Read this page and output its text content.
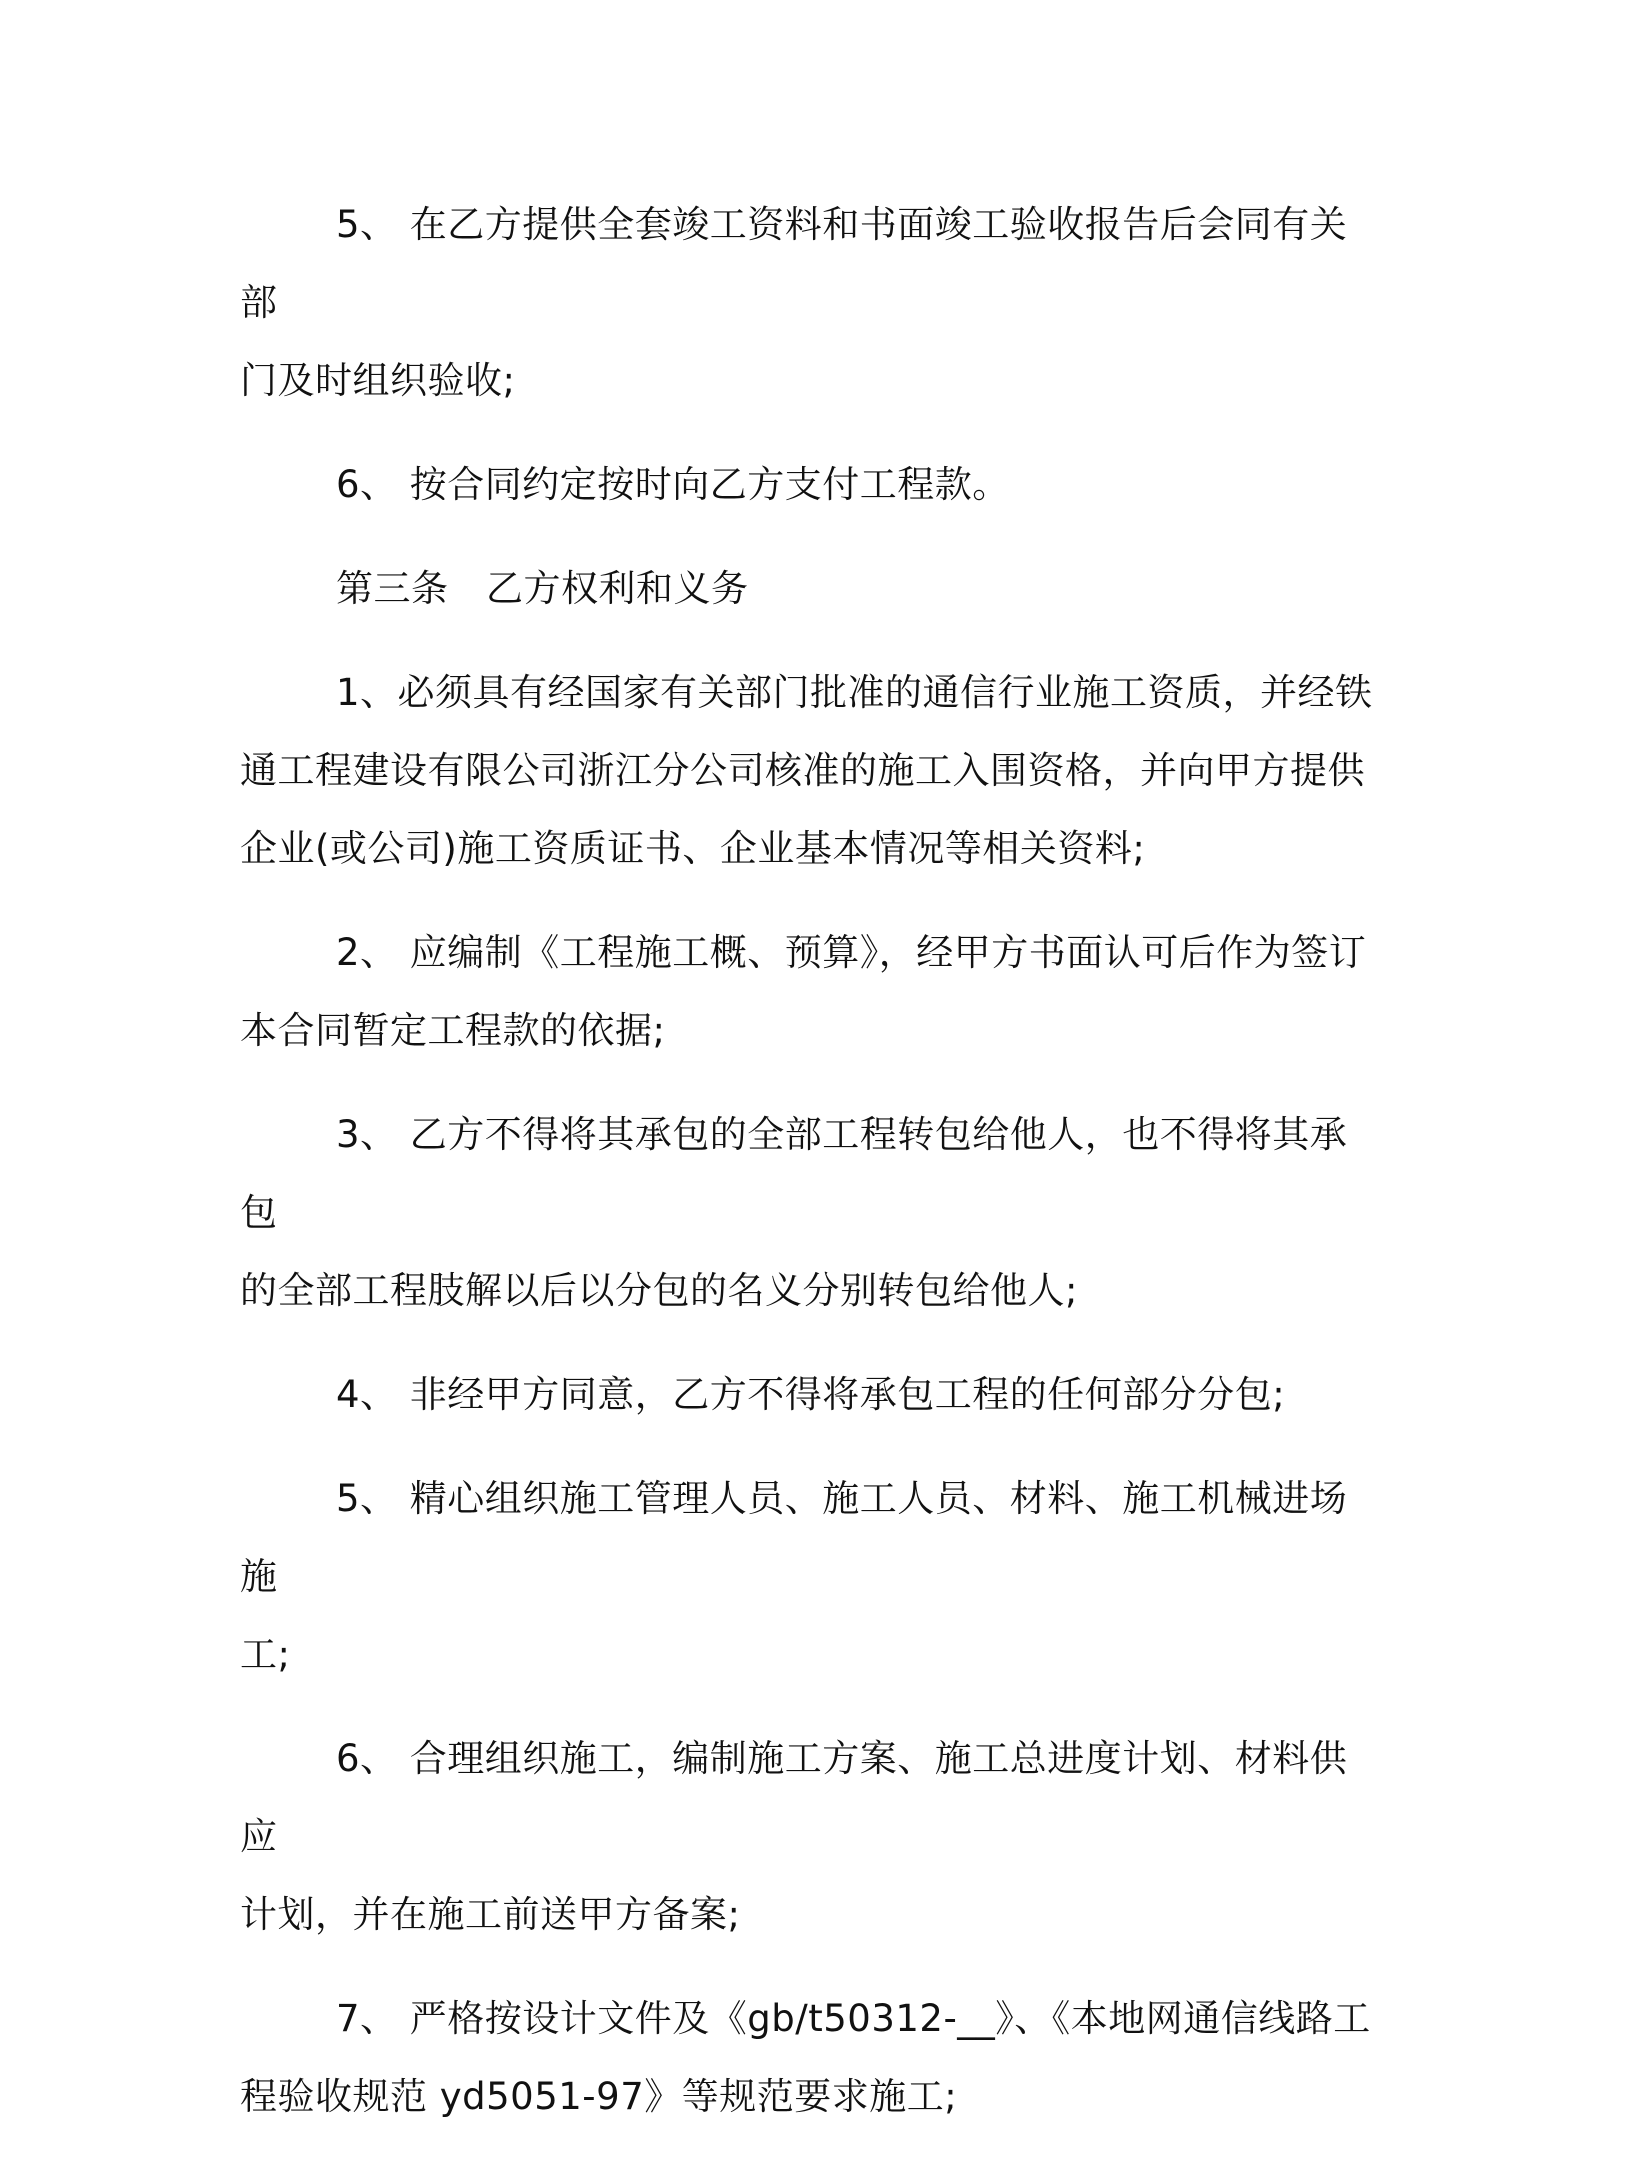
5、 在乙方提供全套竣工资料和书面竣工验收报告后会同有关部
门及时组织验收;

6、 按合同约定按时向乙方支付工程款。

第三条　乙方权利和义务

1、必须具有经国家有关部门批准的通信行业施工资质，并经铁
通工程建设有限公司浙江分公司核准的施工入围资格，并向甲方提供
企业(或公司)施工资质证书、企业基本情况等相关资料;

2、 应编制《工程施工概、预算》，经甲方书面认可后作为签订
本合同暂定工程款的依据;

3、 乙方不得将其承包的全部工程转包给他人，也不得将其承包
的全部工程肢解以后以分包的名义分别转包给他人;

4、 非经甲方同意，乙方不得将承包工程的任何部分分包;

5、 精心组织施工管理人员、施工人员、材料、施工机械进场施
工;

6、 合理组织施工，编制施工方案、施工总进度计划、材料供应
计划，并在施工前送甲方备案;

7、 严格按设计文件及《gb/t50312-__》、《本地网通信线路工
程验收规范 yd5051-97》等规范要求施工;
